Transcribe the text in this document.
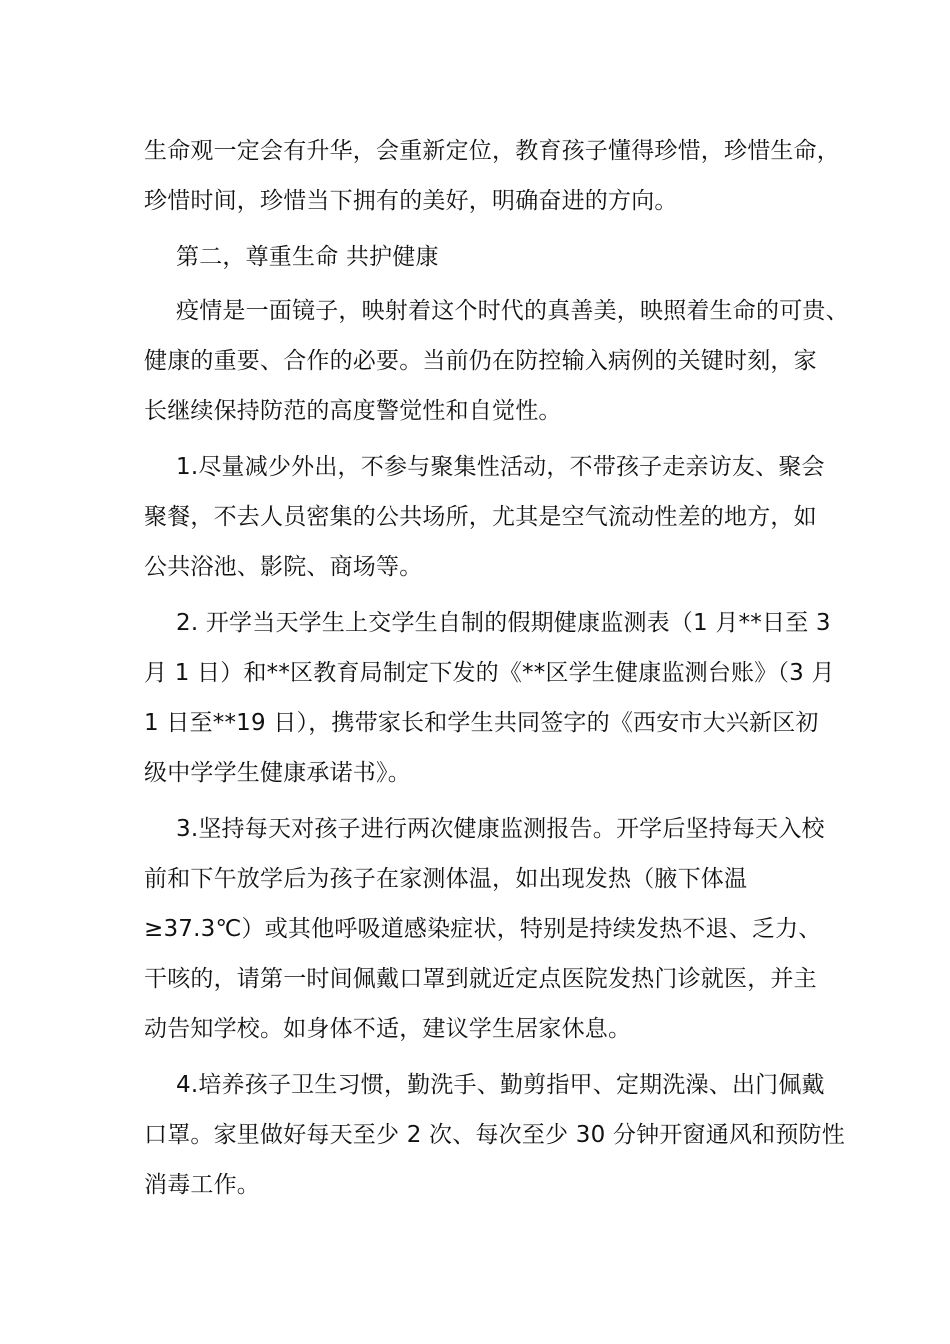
生命观一定会有升华，会重新定位，教育孩子懂得珍惜，珍惜生命，
珍惜时间，珍惜当下拥有的美好，明确奋进的方向。
第二，尊重生命 共护健康
疫情是一面镜子，映射着这个时代的真善美，映照着生命的可贵、
健康的重要、合作的必要。当前仍在防控输入病例的关键时刻，家
长继续保持防范的高度警觉性和自觉性。
1.尽量减少外出，不参与聚集性活动，不带孩子走亲访友、聚会
聚餐，不去人员密集的公共场所，尤其是空气流动性差的地方，如
公共浴池、影院、商场等。
2. 开学当天学生上交学生自制的假期健康监测表（1 月**日至 3
月 1 日）和**区教育局制定下发的《**区学生健康监测台账》（3 月
1 日至**19 日），携带家长和学生共同签字的《西安市大兴新区初
级中学学生健康承诺书》。
3.坚持每天对孩子进行两次健康监测报告。开学后坚持每天入校
前和下午放学后为孩子在家测体温，如出现发热（腋下体温
≥37.3℃）或其他呼吸道感染症状，特别是持续发热不退、乏力、
干咳的，请第一时间佩戴口罩到就近定点医院发热门诊就医，并主
动告知学校。如身体不适，建议学生居家休息。
4.培养孩子卫生习惯，勤洗手、勤剪指甲、定期洗澡、出门佩戴
口罩。家里做好每天至少 2 次、每次至少 30 分钟开窗通风和预防性
消毒工作。
